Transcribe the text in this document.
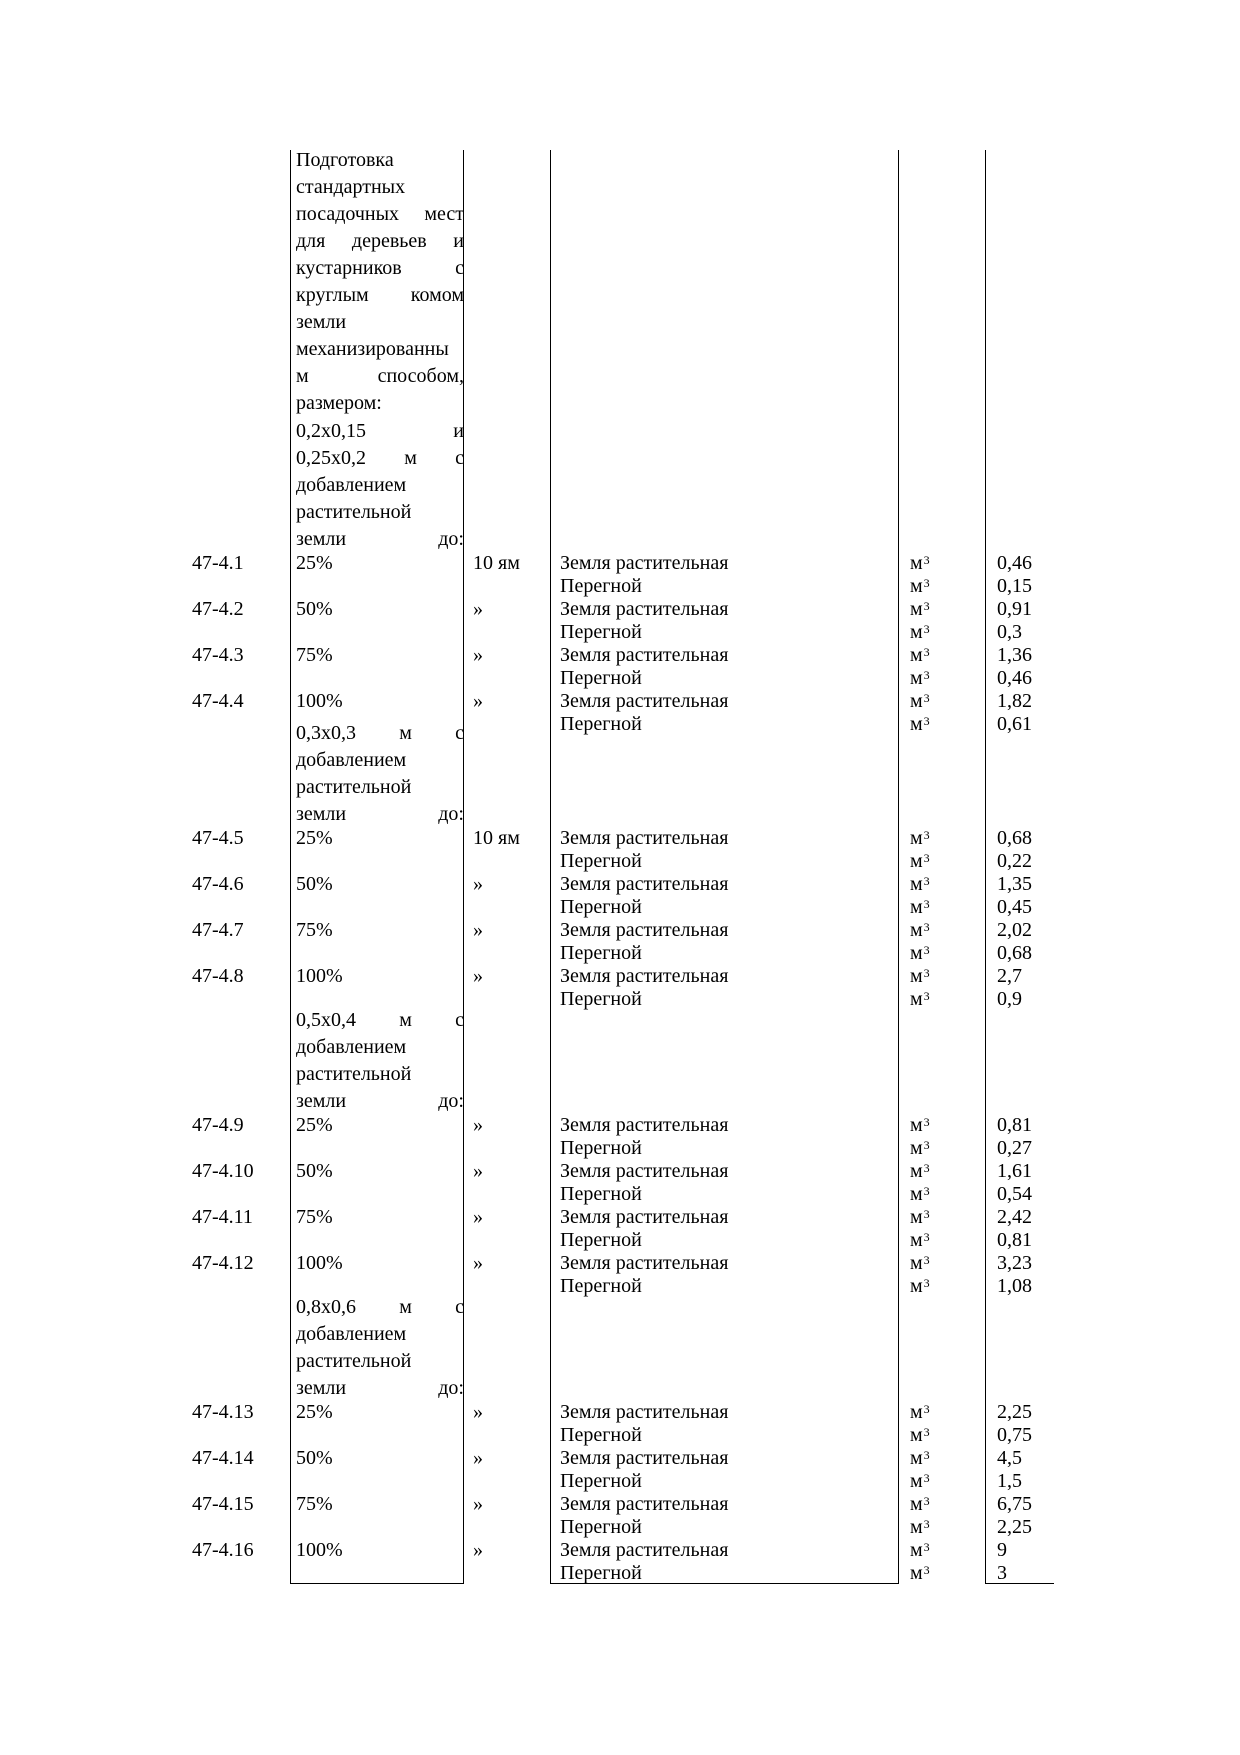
Подготовка
стандартных
посадочных мест
для деревьев и
кустарников с
круглым комом
земли
механизированны
м способом,
размером:
0,2x0,15 и
0,25x0,2 м с
добавлением
растительной
земли до:
47-4.1	25%	10 ям Земля растительная	$м^3$	0,46
Перегной	$м^3$	0,15
47-4.2	50%	»	Земля растительная	$м^3$	0,91
Перегной	$м^3$	0,3
47-4.3	75%	»	Земля растительная	$м^3$	1,36
Перегной	$м^3$	0,46
47-4.4	100%	»	Земля растительная	$м^3$	1,82
Перегной	$м^3$	0,61
0,3x0,3 м с
добавлением
растительной
земли до:
47-4.5	25%	10 ям Земля растительная	$м^3$	0,68
Перегной	$м^3$	0,22
47-4.6	50%	»	Земля растительная	$м^3$	1,35
Перегной	$м^3$	0,45
47-4.7	75%	»	Земля растительная	$м^3$	2,02
Перегной	$м^3$	0,68
47-4.8	100%	»	Земля растительная	$м^3$	2,7
Перегной	$м^3$	0,9
0,5x0,4 м с
добавлением
растительной
земли до:
47-4.9	25%	»	Земля растительная	$м^3$	0,81
Перегной	$м^3$	0,27
47-4.10 50%	»	Земля растительная	$м^3$	1,61
Перегной	$м^3$	0,54
47-4.11 75%	»	Земля растительная	$м^3$	2,42
Перегной	$м^3$	0,81
47-4.12 100%	»	Земля растительная	$м^3$	3,23
Перегной	$м^3$	1,08
0,8x0,6 м с
добавлением
растительной
земли до:
47-4.13 25%	»	Земля растительная	$м^3$	2,25
Перегной	$м^3$	0,75
47-4.14 50%	»	Земля растительная	$м^3$	4,5
Перегной	$м^3$	1,5
47-4.15 75%	»	Земля растительная	$м^3$	6,75
Перегной	$м^3$	2,25
47-4.16 100%	»	Земля растительная	$м^3$	9
Перегной	$м^3$	3
